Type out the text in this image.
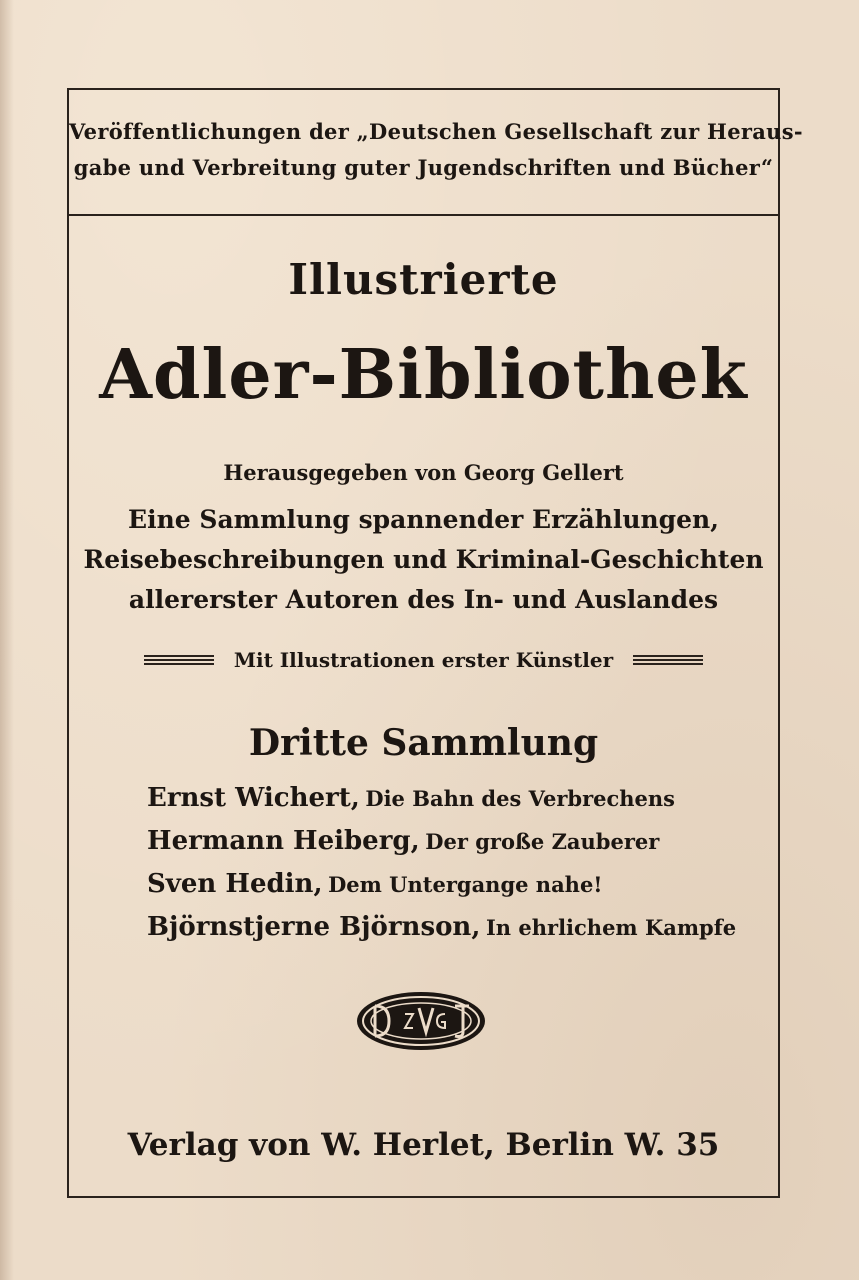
Veröffentlichungen der „Deutschen Gesellschaft zur Heraus-
gabe und Verbreitung guter Jugendschriften und Bücher“
Illustrierte
Adler-Bibliothek
Herausgegeben von Georg Gellert
Eine Sammlung spannender Erzählungen,
Reisebeschreibungen und Kriminal-Geschichten
allererster Autoren des In- und Auslandes
Mit Illustrationen erster Künstler
Dritte Sammlung
Ernst Wichert, Die Bahn des Verbrechens
Hermann Heiberg, Der große Zauberer
Sven Hedin, Dem Untergange nahe!
Björnstjerne Björnson, In ehrlichem Kampfe
Verlag von W. Herlet, Berlin W. 35
